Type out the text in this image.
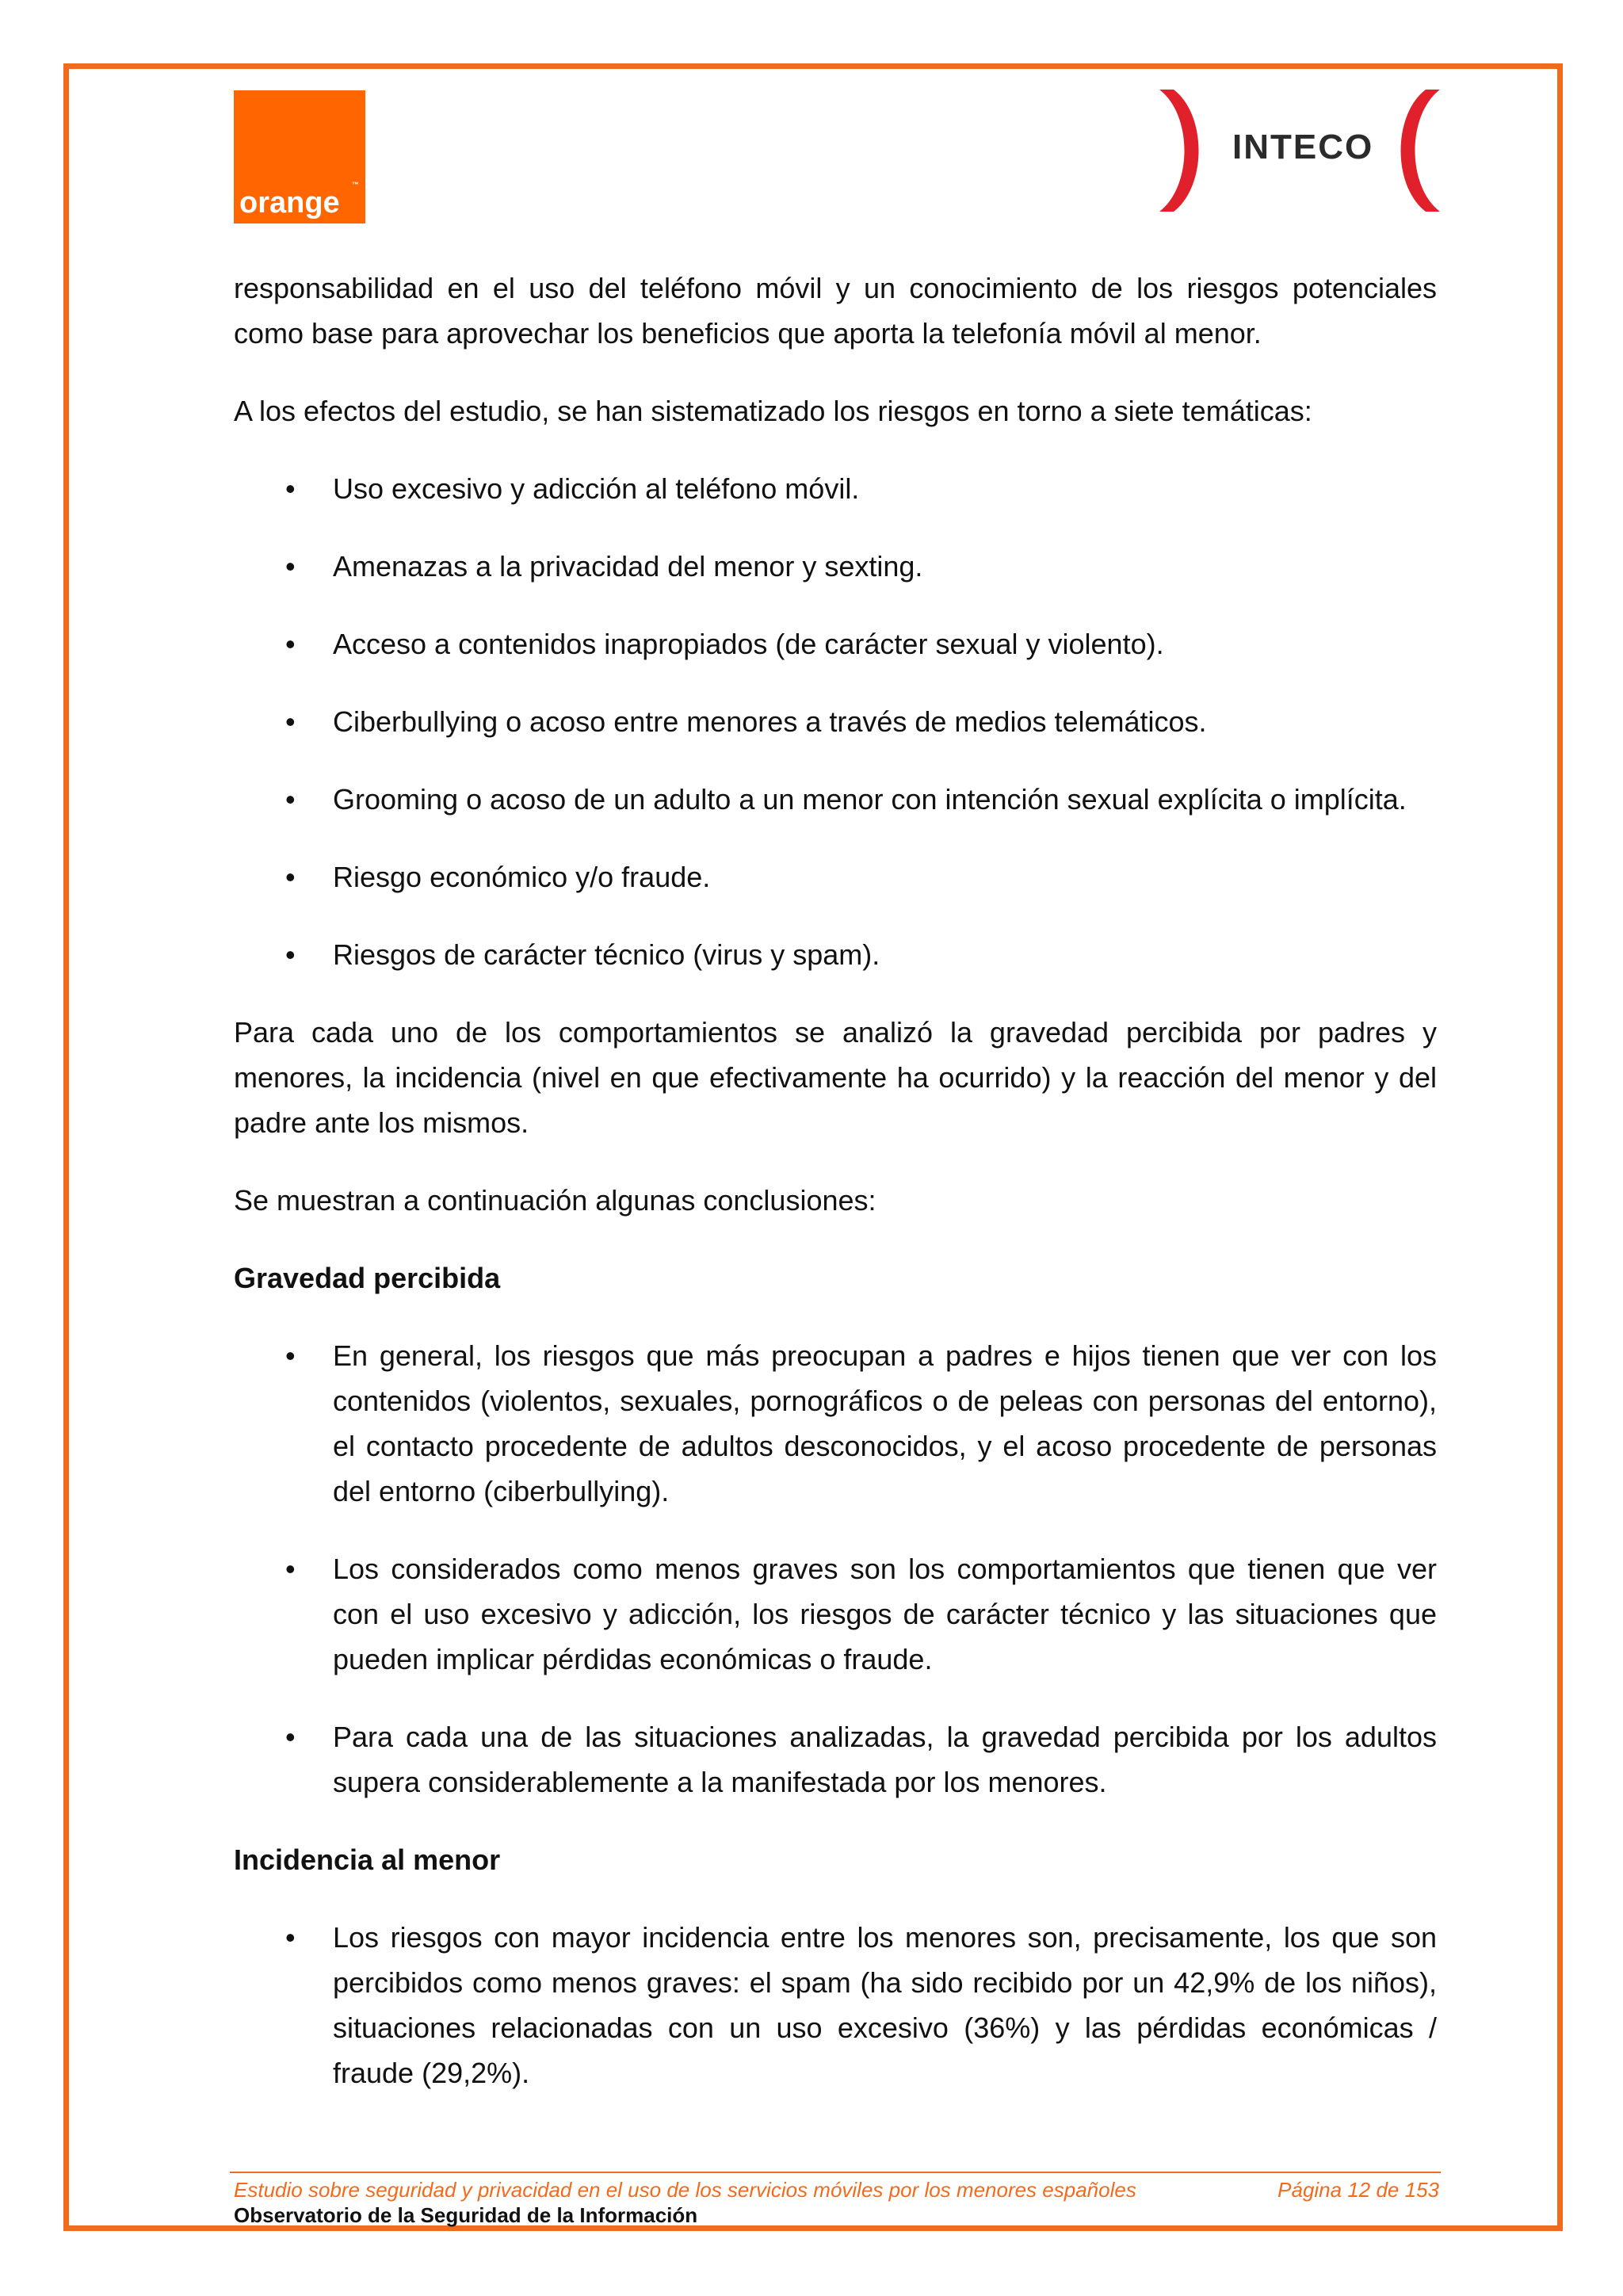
orange
™
INTECO

responsabilidad en el uso del teléfono móvil y un conocimiento de los riesgos potenciales como base para aprovechar los beneficios que aporta la telefonía móvil al menor.

A los efectos del estudio, se han sistematizado los riesgos en torno a siete temáticas:

• Uso excesivo y adicción al teléfono móvil.
• Amenazas a la privacidad del menor y sexting.
• Acceso a contenidos inapropiados (de carácter sexual y violento).
• Ciberbullying o acoso entre menores a través de medios telemáticos.
• Grooming o acoso de un adulto a un menor con intención sexual explícita o implícita.
• Riesgo económico y/o fraude.
• Riesgos de carácter técnico (virus y spam).

Para cada uno de los comportamientos se analizó la gravedad percibida por padres y menores, la incidencia (nivel en que efectivamente ha ocurrido) y la reacción del menor y del padre ante los mismos.

Se muestran a continuación algunas conclusiones:

Gravedad percibida
• En general, los riesgos que más preocupan a padres e hijos tienen que ver con los contenidos (violentos, sexuales, pornográficos o de peleas con personas del entorno), el contacto procedente de adultos desconocidos, y el acoso procedente de personas del entorno (ciberbullying).
• Los considerados como menos graves son los comportamientos que tienen que ver con el uso excesivo y adicción, los riesgos de carácter técnico y las situaciones que pueden implicar pérdidas económicas o fraude.
• Para cada una de las situaciones analizadas, la gravedad percibida por los adultos supera considerablemente a la manifestada por los menores.
Incidencia al menor
• Los riesgos con mayor incidencia entre los menores son, precisamente, los que son percibidos como menos graves: el spam (ha sido recibido por un 42,9% de los niños), situaciones relacionadas con un uso excesivo (36%) y las pérdidas económicas / fraude (29,2%).
Estudio sobre seguridad y privacidad en el uso de los servicios móviles por los menores españoles	Página 12 de 153
Observatorio de la Seguridad de la Información
